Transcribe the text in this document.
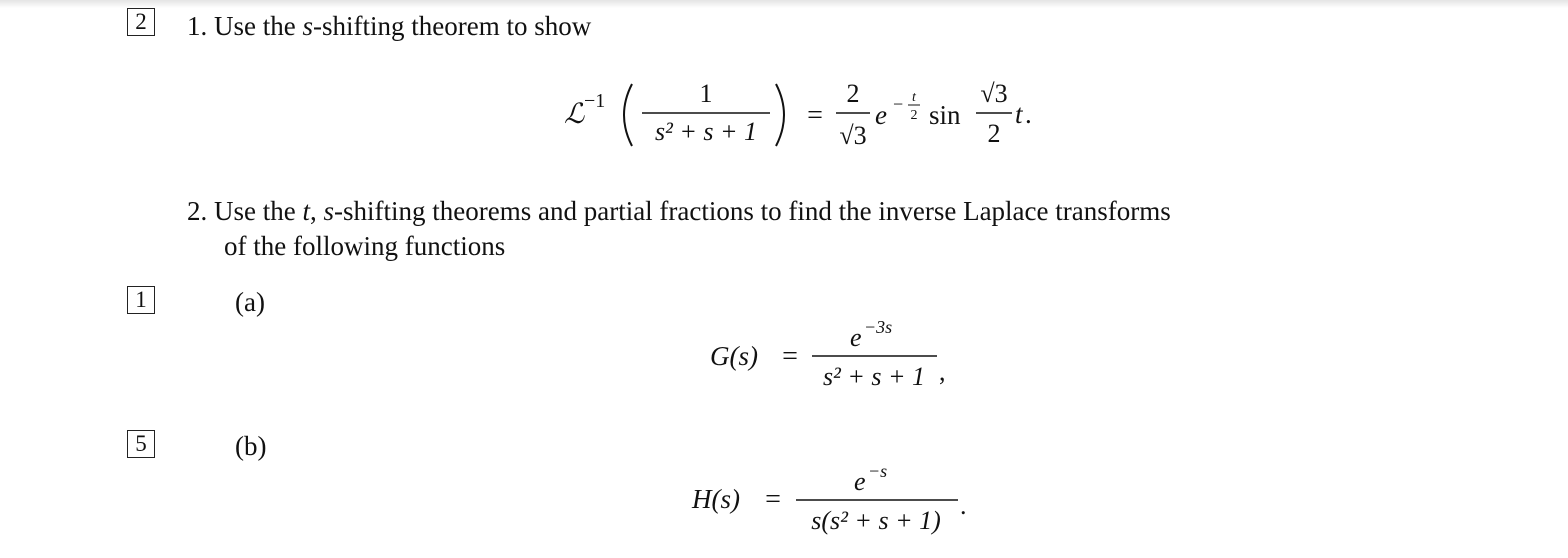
2	1. Use the s-shifting theorem to show
ℒ −1	1
s² + s + 1
=
2
√3
e − t
2 sin
√3
2
t .
2. Use the t, s-shifting theorems and partial fractions to find the inverse Laplace transforms
of the following functions
1	(a)
G(s) =
e −3s
s² + s + 1 ,
5	(b)
H(s) =
e −s
s(s² + s + 1)
.
